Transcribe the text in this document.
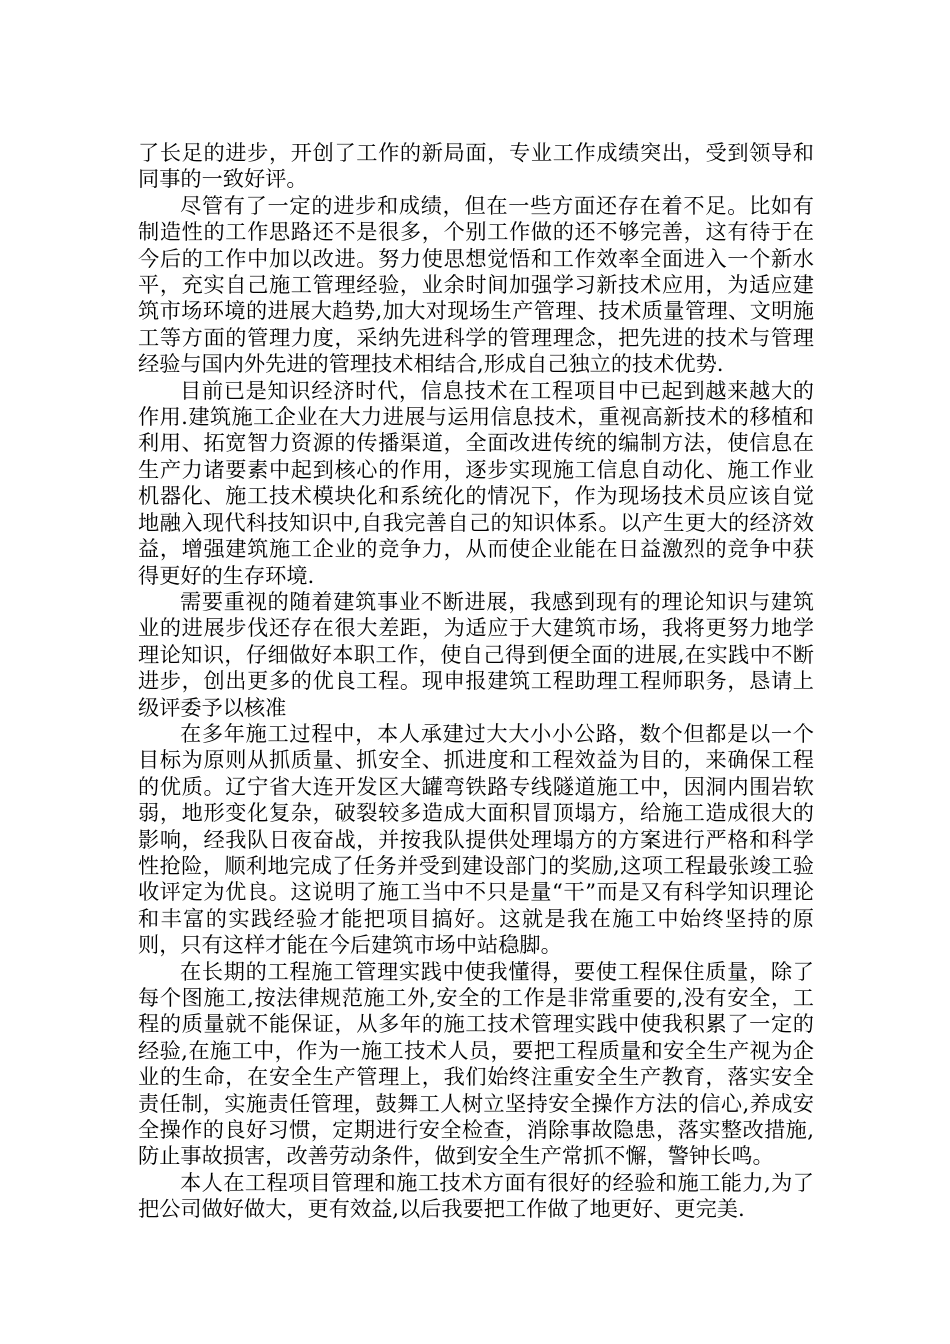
了长足的进步，开创了工作的新局面，专业工作成绩突出，受到领导和同事的一致好评。

尽管有了一定的进步和成绩，但在一些方面还存在着不足。比如有制造性的工作思路还不是很多，个别工作做的还不够完善，这有待于在今后的工作中加以改进。努力使思想觉悟和工作效率全面进入一个新水平，充实自己施工管理经验，业余时间加强学习新技术应用，为适应建筑市场环境的进展大趋势,加大对现场生产管理、技术质量管理、文明施工等方面的管理力度，采纳先进科学的管理理念，把先进的技术与管理经验与国内外先进的管理技术相结合,形成自己独立的技术优势.

目前已是知识经济时代，信息技术在工程项目中已起到越来越大的作用.建筑施工企业在大力进展与运用信息技术，重视高新技术的移植和利用、拓宽智力资源的传播渠道，全面改进传统的编制方法，使信息在生产力诸要素中起到核心的作用，逐步实现施工信息自动化、施工作业机器化、施工技术模块化和系统化的情况下，作为现场技术员应该自觉地融入现代科技知识中,自我完善自己的知识体系。以产生更大的经济效益，增强建筑施工企业的竞争力，从而使企业能在日益激烈的竞争中获得更好的生存环境.

需要重视的随着建筑事业不断进展，我感到现有的理论知识与建筑业的进展步伐还存在很大差距，为适应于大建筑市场，我将更努力地学理论知识，仔细做好本职工作，使自己得到便全面的进展,在实践中不断进步，创出更多的优良工程。现申报建筑工程助理工程师职务，恳请上级评委予以核准

在多年施工过程中，本人承建过大大小小公路，数个但都是以一个目标为原则从抓质量、抓安全、抓进度和工程效益为目的，来确保工程的优质。辽宁省大连开发区大罐弯铁路专线隧道施工中，因洞内围岩软弱，地形变化复杂，破裂较多造成大面积冒顶塌方，给施工造成很大的影响，经我队日夜奋战，并按我队提供处理塌方的方案进行严格和科学性抢险，顺利地完成了任务并受到建设部门的奖励,这项工程最张竣工验收评定为优良。这说明了施工当中不只是量“干”而是又有科学知识理论和丰富的实践经验才能把项目搞好。这就是我在施工中始终坚持的原则，只有这样才能在今后建筑市场中站稳脚。

在长期的工程施工管理实践中使我懂得，要使工程保住质量，除了每个图施工,按法律规范施工外,安全的工作是非常重要的,没有安全，工程的质量就不能保证，从多年的施工技术管理实践中使我积累了一定的经验,在施工中，作为一施工技术人员，要把工程质量和安全生产视为企业的生命，在安全生产管理上，我们始终注重安全生产教育，落实安全责任制，实施责任管理，鼓舞工人树立坚持安全操作方法的信心,养成安全操作的良好习惯，定期进行安全检查，消除事故隐患，落实整改措施,防止事故损害，改善劳动条件，做到安全生产常抓不懈，警钟长鸣。

本人在工程项目管理和施工技术方面有很好的经验和施工能力,为了把公司做好做大，更有效益,以后我要把工作做了地更好、更完美.
